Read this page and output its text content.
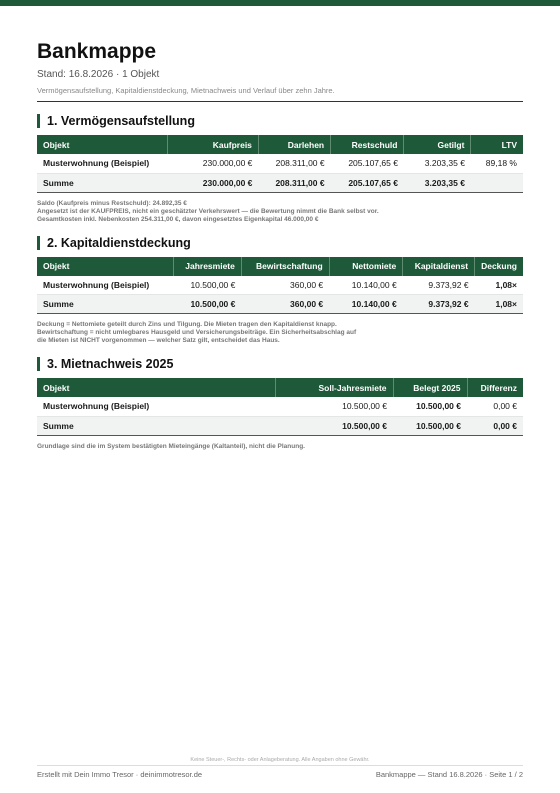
Bankmappe
Stand: 16.8.2026 · 1 Objekt
Vermögensaufstellung, Kapitaldienstdeckung, Mietnachweis und Verlauf über zehn Jahre.
1. Vermögensaufstellung
Objekt	Kaufpreis	Darlehen	Restschuld	Getilgt	LTV
Musterwohnung (Beispiel)	230.000,00 €	208.311,00 €	205.107,65 €	3.203,35 €	89,18 %
Summe	230.000,00 €	208.311,00 €	205.107,65 €	3.203,35 €	
Saldo (Kaufpreis minus Restschuld): 24.892,35 €
Angesetzt ist der KAUFPREIS, nicht ein geschätzter Verkehrswert — die Bewertung nimmt die Bank selbst vor.
Gesamtkosten inkl. Nebenkosten 254.311,00 €, davon eingesetztes Eigenkapital 46.000,00 €
2. Kapitaldienstdeckung
Objekt	Jahresmiete	Bewirtschaftung	Nettomiete	Kapitaldienst	Deckung
Musterwohnung (Beispiel)	10.500,00 €	360,00 €	10.140,00 €	9.373,92 €	1,08×
Summe	10.500,00 €	360,00 €	10.140,00 €	9.373,92 €	1,08×
Deckung = Nettomiete geteilt durch Zins und Tilgung. Die Mieten tragen den Kapitaldienst knapp.
Bewirtschaftung = nicht umlegbares Hausgeld und Versicherungsbeiträge. Ein Sicherheitsabschlag auf
die Mieten ist NICHT vorgenommen — welcher Satz gilt, entscheidet das Haus.
3. Mietnachweis 2025
Objekt	Soll-Jahresmiete	Belegt 2025	Differenz
Musterwohnung (Beispiel)	10.500,00 €	10.500,00 €	0,00 €
Summe	10.500,00 €	10.500,00 €	0,00 €
Grundlage sind die im System bestätigten Mieteingänge (Kaltanteil), nicht die Planung.
Keine Steuer-, Rechts- oder Anlageberatung. Alle Angaben ohne Gewähr.
Erstellt mit Dein Immo Tresor · deinimmotresor.de	Bankmappe — Stand 16.8.2026 · Seite 1 / 2
